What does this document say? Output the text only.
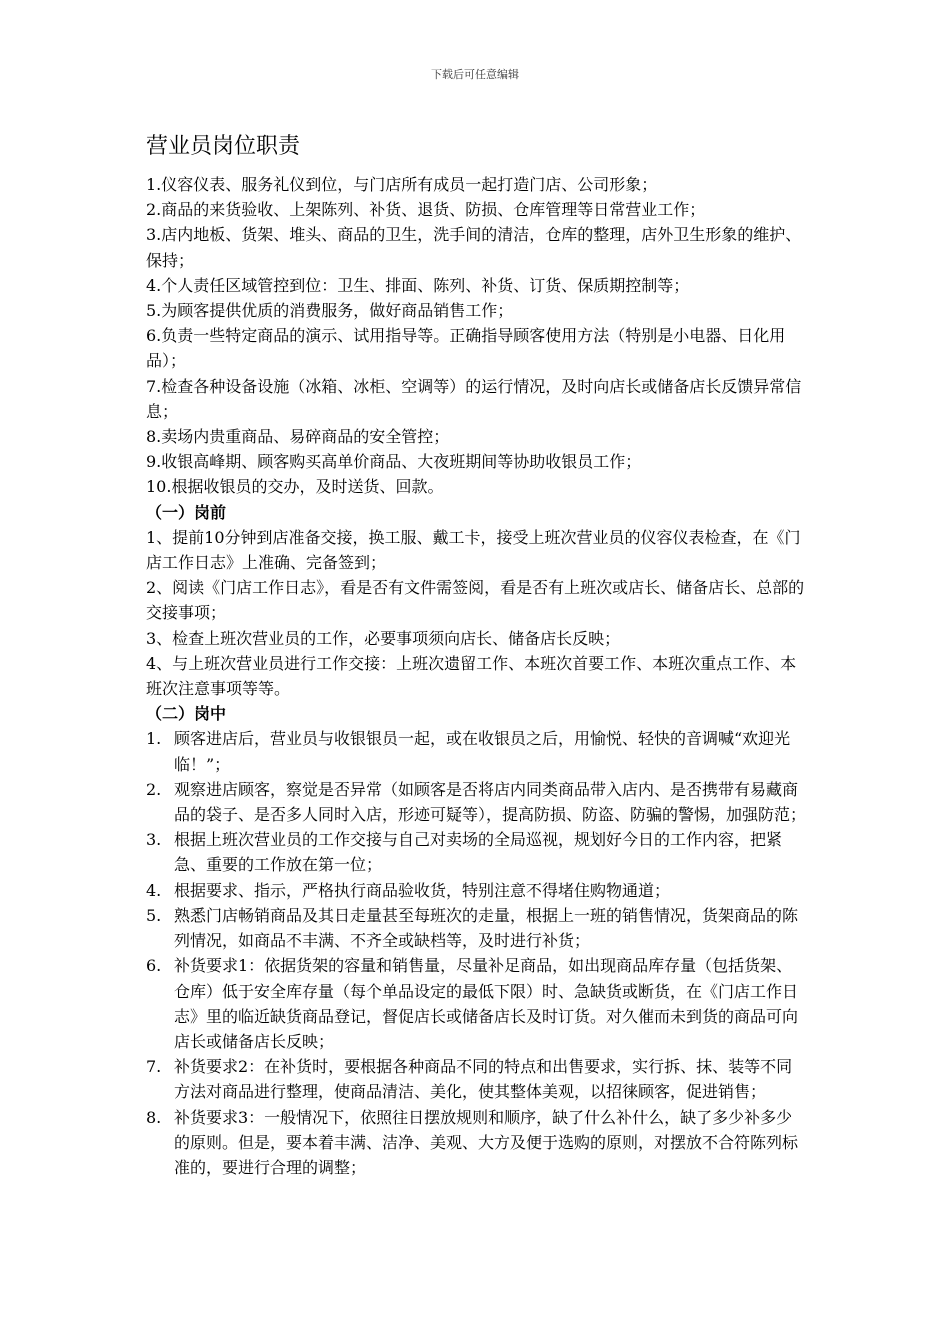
下载后可任意编辑
营业员岗位职责

1.仪容仪表、服务礼仪到位，与门店所有成员一起打造门店、公司形象；

2.商品的来货验收、上架陈列、补货、退货、防损、仓库管理等日常营业工作；

3.店内地板、货架、堆头、商品的卫生，洗手间的清洁，仓库的整理，店外卫生形象的维护、保持；

4.个人责任区域管控到位：卫生、排面、陈列、补货、订货、保质期控制等；

5.为顾客提供优质的消费服务，做好商品销售工作；

6.负责一些特定商品的演示、试用指导等。正确指导顾客使用方法（特别是小电器、日化用品）；

7.检查各种设备设施（冰箱、冰柜、空调等）的运行情况，及时向店长或储备店长反馈异常信息；

8.卖场内贵重商品、易碎商品的安全管控；

9.收银高峰期、顾客购买高单价商品、大夜班期间等协助收银员工作；

10.根据收银员的交办，及时送货、回款。

（一）岗前

1、提前10分钟到店准备交接，换工服、戴工卡，接受上班次营业员的仪容仪表检查，在《门店工作日志》上准确、完备签到；

2、阅读《门店工作日志》，看是否有文件需签阅，看是否有上班次或店长、储备店长、总部的交接事项；

3、检查上班次营业员的工作，必要事项须向店长、储备店长反映；

4、与上班次营业员进行工作交接：上班次遗留工作、本班次首要工作、本班次重点工作、本班次注意事项等等。

（二）岗中

1. 顾客进店后，营业员与收银银员一起，或在收银员之后，用愉悦、轻快的音调喊“欢迎光临！”；
2. 观察进店顾客，察觉是否异常（如顾客是否将店内同类商品带入店内、是否携带有易藏商品的袋子、是否多人同时入店，形迹可疑等），提高防损、防盗、防骗的警惕，加强防范；
3. 根据上班次营业员的工作交接与自己对卖场的全局巡视，规划好今日的工作内容，把紧急、重要的工作放在第一位；
4. 根据要求、指示，严格执行商品验收货，特别注意不得堵住购物通道；
5. 熟悉门店畅销商品及其日走量甚至每班次的走量，根据上一班的销售情况，货架商品的陈列情况，如商品不丰满、不齐全或缺档等，及时进行补货；
6. 补货要求1：依据货架的容量和销售量，尽量补足商品，如出现商品库存量（包括货架、仓库）低于安全库存量（每个单品设定的最低下限）时、急缺货或断货，在《门店工作日志》里的临近缺货商品登记，督促店长或储备店长及时订货。对久催而未到货的商品可向店长或储备店长反映；
7. 补货要求2：在补货时，要根据各种商品不同的特点和出售要求，实行拆、抹、装等不同方法对商品进行整理，使商品清洁、美化，使其整体美观，以招徕顾客，促进销售；
8. 补货要求3：一般情况下，依照往日摆放规则和顺序，缺了什么补什么，缺了多少补多少的原则。但是，要本着丰满、洁净、美观、大方及便于选购的原则，对摆放不合符陈列标准的，要进行合理的调整；
